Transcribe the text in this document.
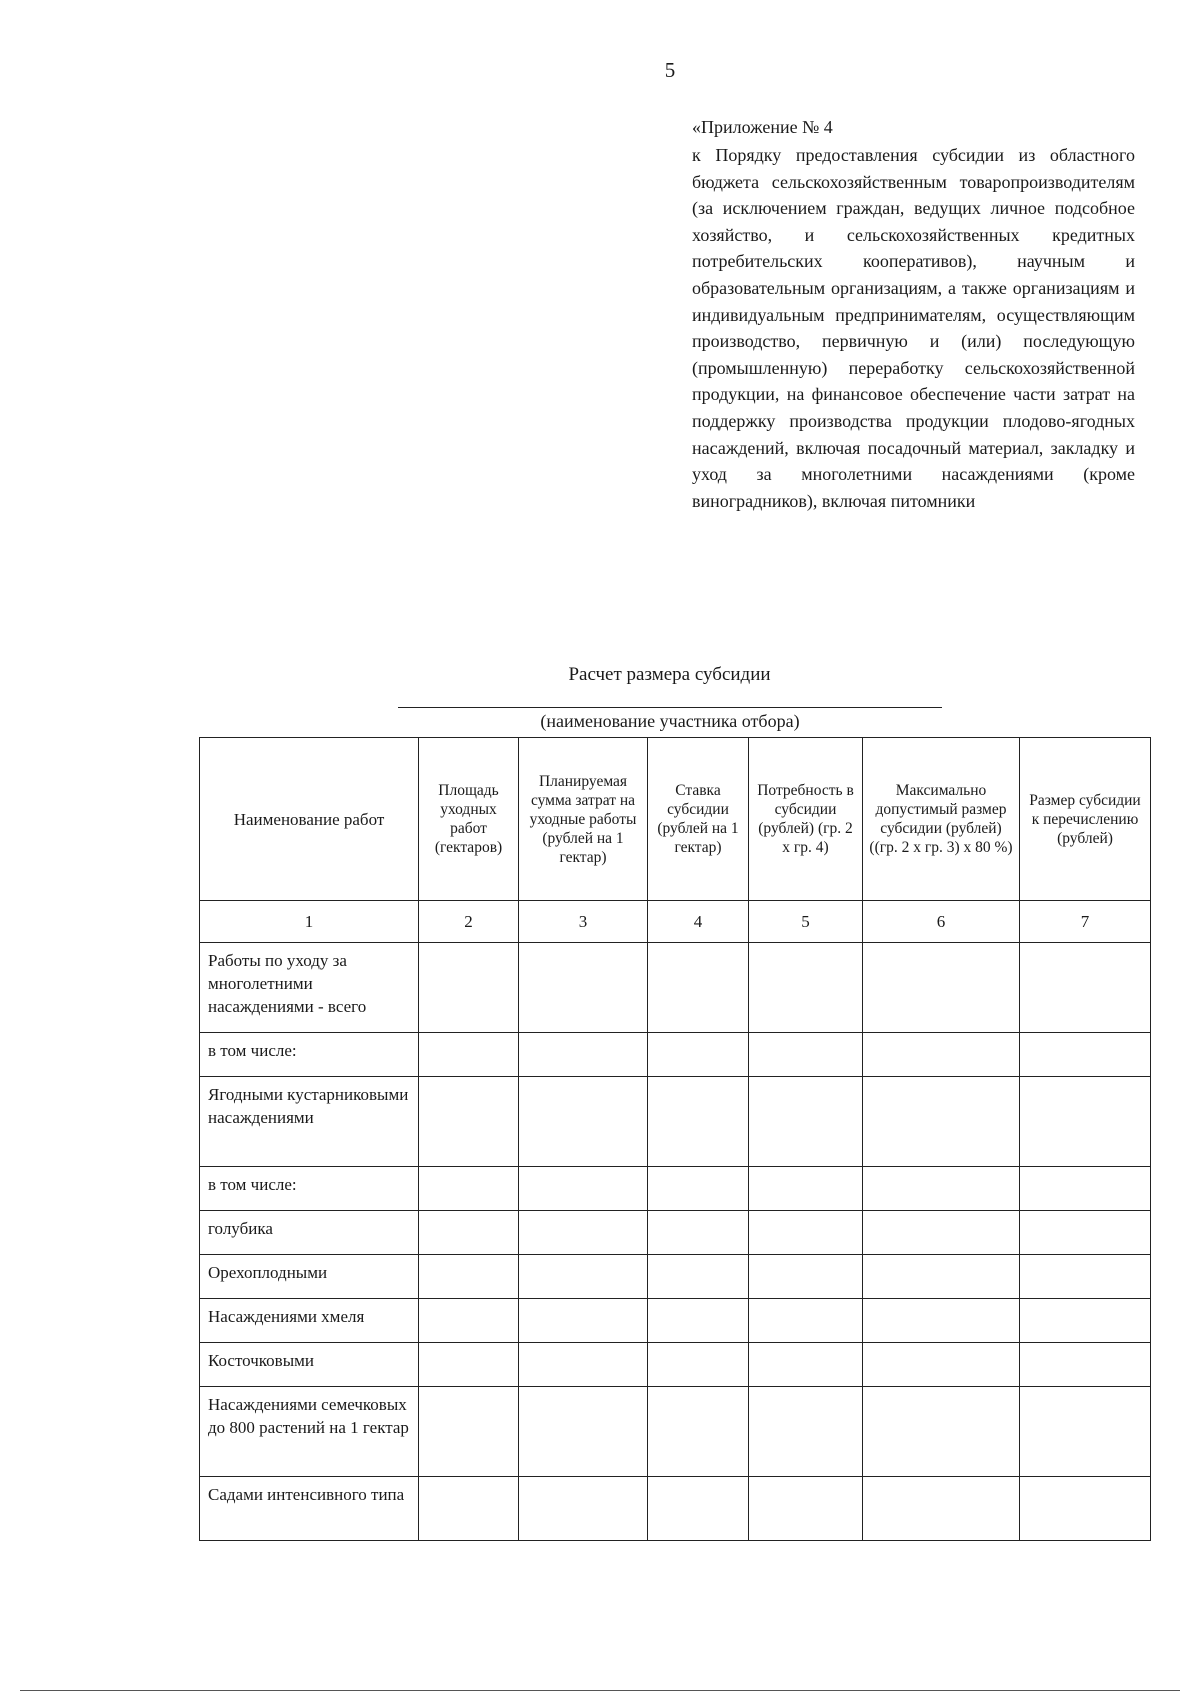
5
«Приложение № 4

к Порядку предоставления субсидии из областного бюджета сельскохозяйственным товаропроизводителям (за исключением граждан, ведущих личное подсобное хозяйство, и сельскохозяйственных кредитных потребительских кооперативов), научным и образовательным организациям, а также организациям и индивидуальным предпринимателям, осуществляющим производство, первичную и (или) последующую (промышленную) переработку сельскохозяйственной продукции, на финансовое обеспечение части затрат на поддержку производства продукции плодово-ягодных насаждений, включая посадочный материал, закладку и уход за многолетними насаждениями (кроме виноградников), включая питомники

Расчет размера субсидии
(наименование участника отбора)
Наименование работ	Площадь уходных работ (гектаров)	Планируемая сумма затрат на уходные работы (рублей на 1 гектар)	Ставка субсидии (рублей на 1 гектар)	Потребность в субсидии (рублей) (гр. 2 х гр. 4)	Максимально допустимый размер субсидии (рублей) ((гр. 2 х гр. 3) х 80 %)	Размер субсидии к перечислению (рублей)
1	2	3	4	5	6	7
Работы по уходу за многолетними насаждениями - всего						
в том числе:						
Ягодными кустарниковыми насаждениями						
в том числе:						
голубика						
Орехоплодными						
Насаждениями хмеля						
Косточковыми						
Насаждениями семечковых до 800 растений на 1 гектар						
Садами интенсивного типа						
